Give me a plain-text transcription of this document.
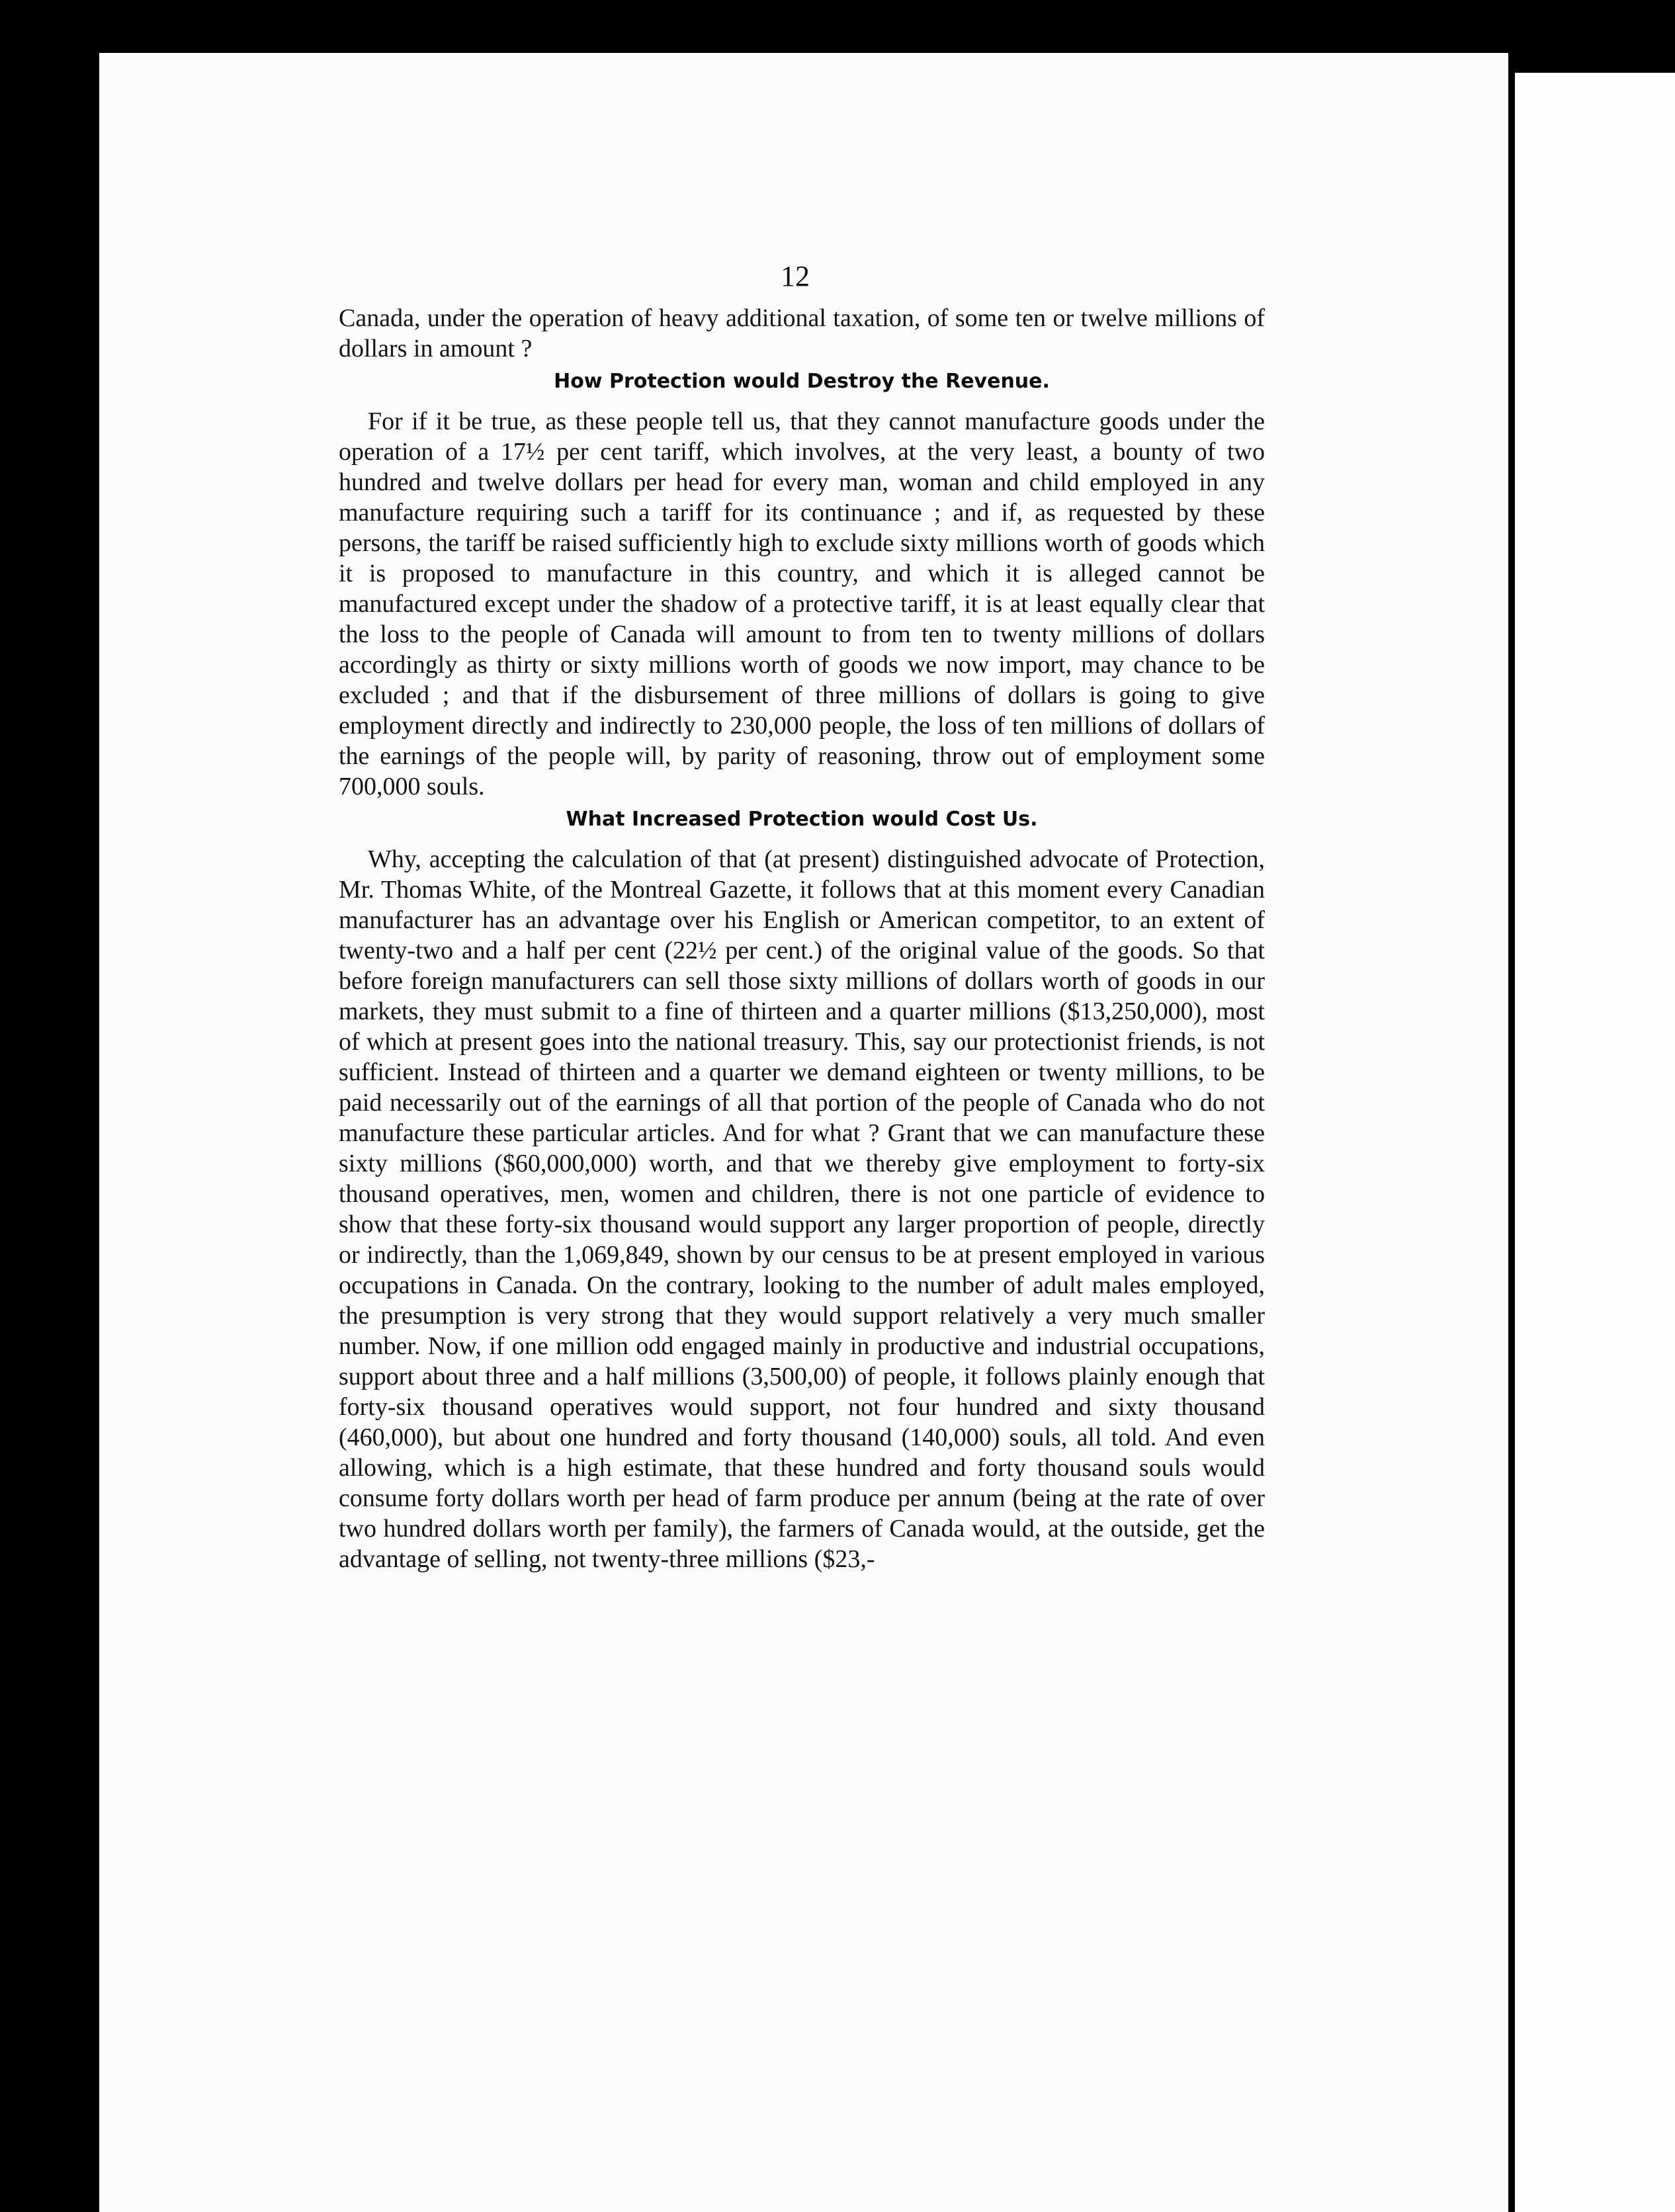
12

Canada, under the operation of heavy additional taxation, of some ten or twelve millions of dollars in amount ?

How Protection would Destroy the Revenue.

For if it be true, as these people tell us, that they cannot manufacture goods under the operation of a 17½ per cent tariff, which involves, at the very least, a bounty of two hundred and twelve dollars per head for every man, woman and child employed in any manufacture requiring such a tariff for its continuance ; and if, as requested by these persons, the tariff be raised sufficiently high to exclude sixty millions worth of goods which it is proposed to manufacture in this country, and which it is alleged cannot be manufactured except under the shadow of a protective tariff, it is at least equally clear that the loss to the people of Canada will amount to from ten to twenty millions of dollars accordingly as thirty or sixty millions worth of goods we now import, may chance to be excluded ; and that if the disbursement of three millions of dollars is going to give employment directly and indirectly to 230,000 people, the loss of ten millions of dollars of the earnings of the people will, by parity of reasoning, throw out of employment some 700,000 souls.

What Increased Protection would Cost Us.

Why, accepting the calculation of that (at present) distinguished advocate of Protection, Mr. Thomas White, of the Montreal Gazette, it follows that at this moment every Canadian manufacturer has an advantage over his English or American competitor, to an extent of twenty-two and a half per cent (22½ per cent.) of the original value of the goods. So that before foreign manufacturers can sell those sixty millions of dollars worth of goods in our markets, they must submit to a fine of thirteen and a quarter millions ($13,250,000), most of which at present goes into the national treasury. This, say our protectionist friends, is not sufficient. Instead of thirteen and a quarter we demand eighteen or twenty millions, to be paid necessarily out of the earnings of all that portion of the people of Canada who do not manufacture these particular articles. And for what ? Grant that we can manufacture these sixty millions ($60,000,000) worth, and that we thereby give employment to forty-six thousand operatives, men, women and children, there is not one particle of evidence to show that these forty-six thousand would support any larger proportion of people, directly or indirectly, than the 1,069,849, shown by our census to be at present employed in various occupations in Canada. On the contrary, looking to the number of adult males employed, the presumption is very strong that they would support relatively a very much smaller number. Now, if one million odd engaged mainly in productive and industrial occupations, support about three and a half millions (3,500,00) of people, it follows plainly enough that forty-six thousand operatives would support, not four hundred and sixty thousand (460,000), but about one hundred and forty thousand (140,000) souls, all told. And even allowing, which is a high estimate, that these hundred and forty thousand souls would consume forty dollars worth per head of farm produce per annum (being at the rate of over two hundred dollars worth per family), the farmers of Canada would, at the outside, get the advantage of selling, not twenty-three millions ($23,-
